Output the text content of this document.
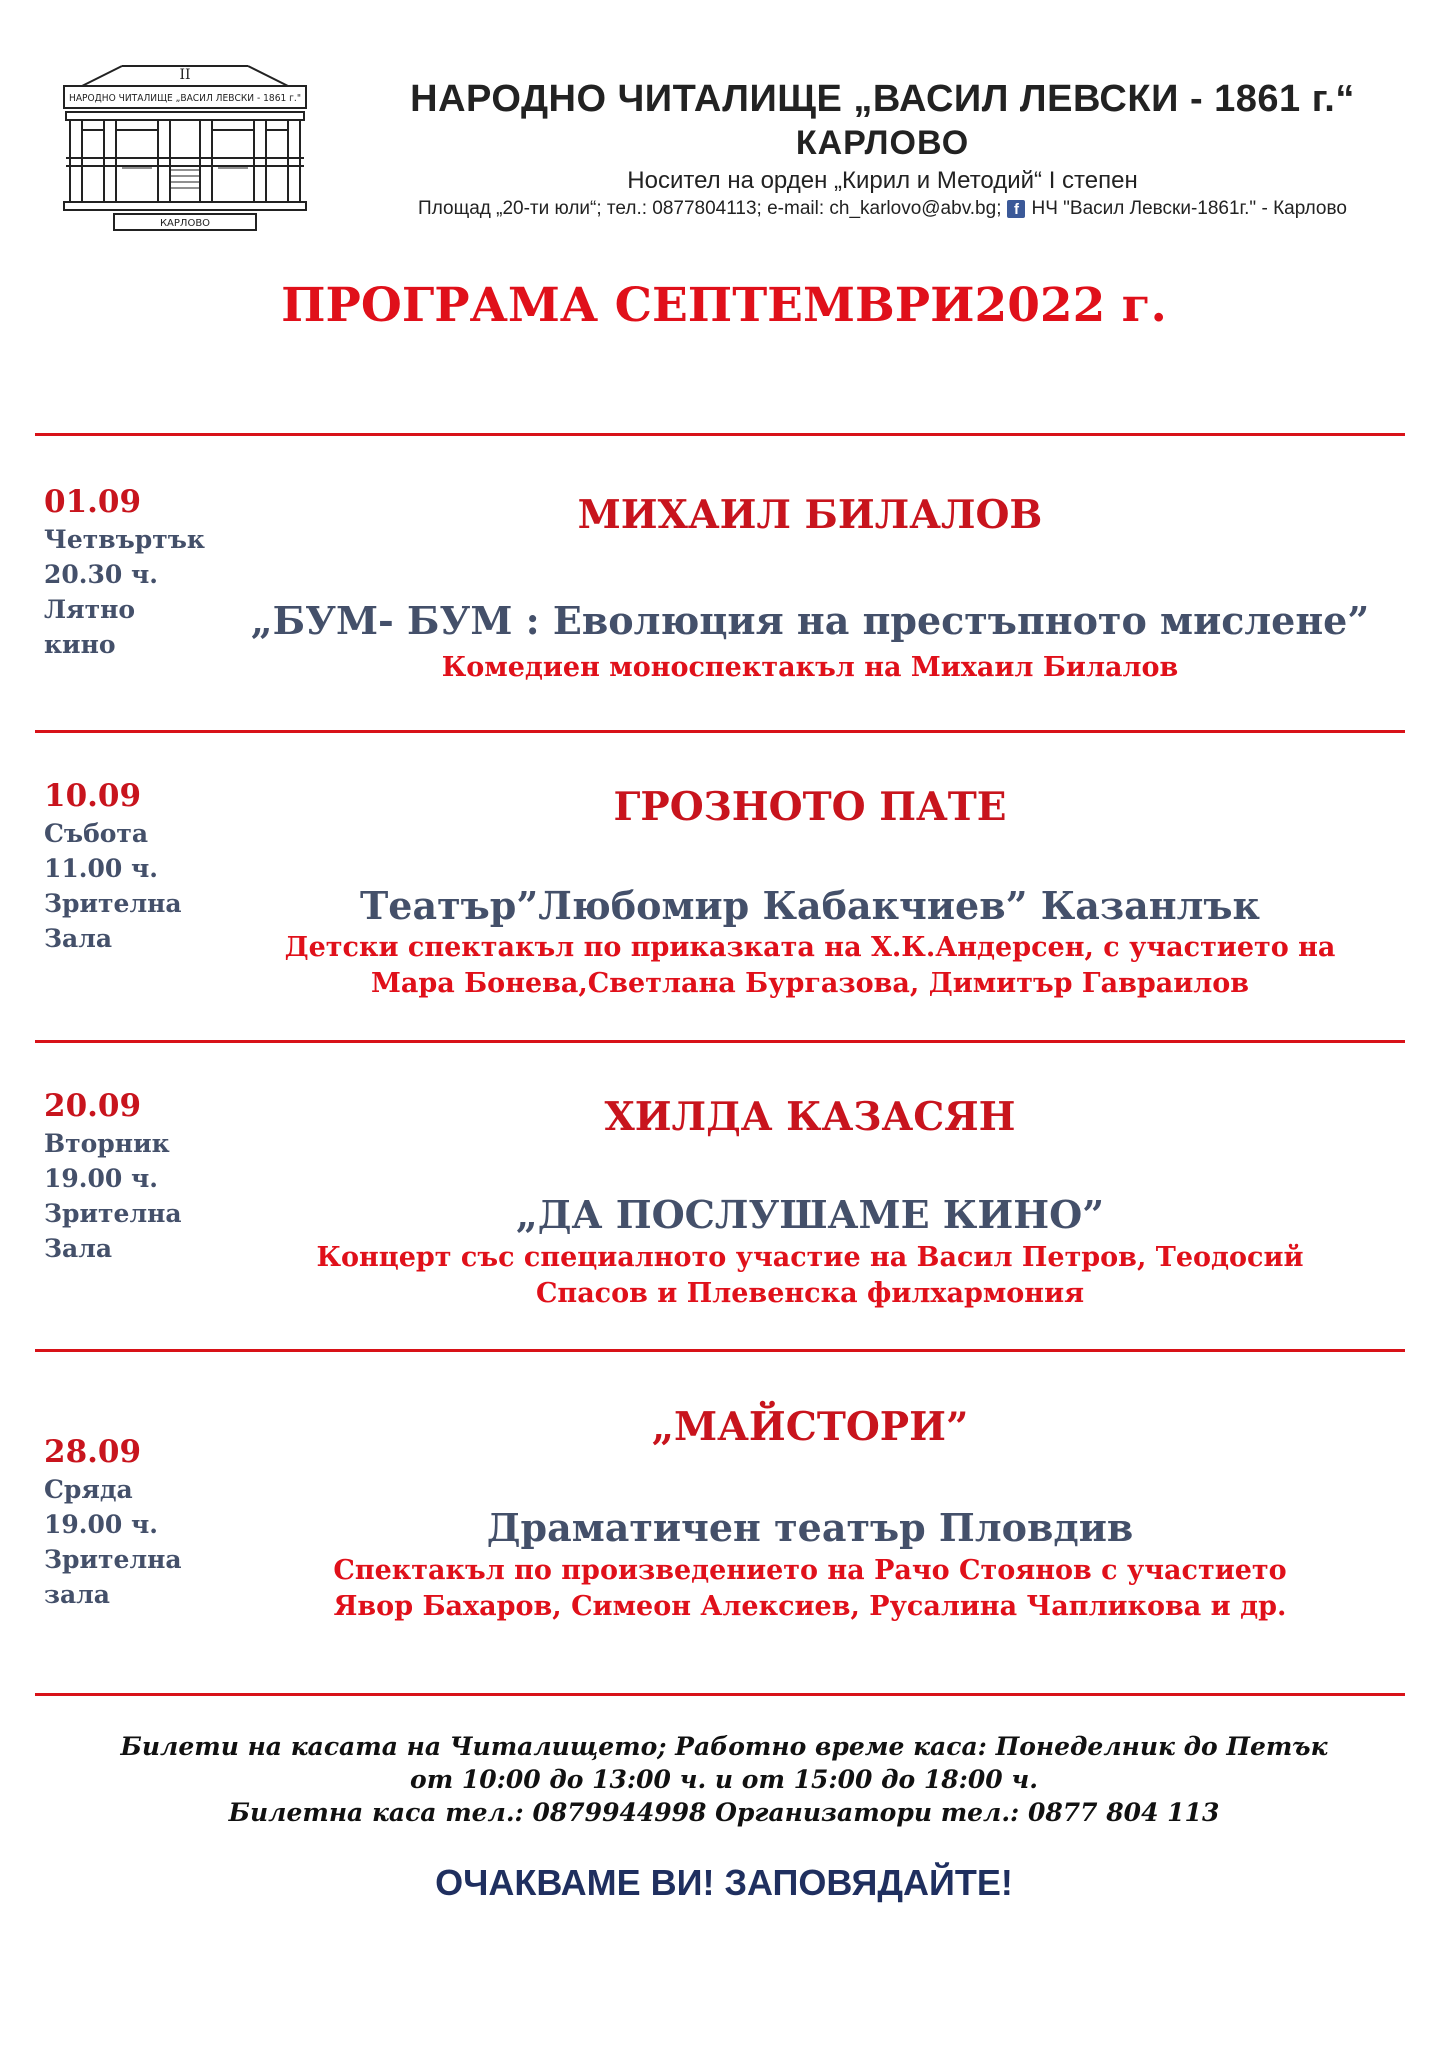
II
НАРОДНО ЧИТАЛИЩЕ „ВАСИЛ ЛЕВСКИ - 1861 г."
КАРЛОВО
НАРОДНО ЧИТАЛИЩЕ „ВАСИЛ ЛЕВСКИ - 1861 г.“
КАРЛОВО
Носител на орден „Кирил и Методий“ І степен
Площад „20-ти юли“; тел.: 0877804113; e-mail: ch_karlovo@abv.bg; f НЧ "Васил Левски-1861г." - Карлово
ПРОГРАМА СЕПТЕМВРИ2022 г.
01.09
Четвъртък
20.30 ч.
Лятно
кино
МИХАИЛ БИЛАЛОВ
„БУМ- БУМ : Еволюция на престъпното мислене”
Комедиен моноспектакъл на Михаил Билалов
10.09
Събота
11.00 ч.
Зрителна
Зала
ГРОЗНОТО ПАТЕ
Театър”Любомир Кабакчиев” Казанлък
Детски спектакъл по приказката на Х.К.Андерсен, с участието на
Мара Бонева,Светлана Бургазова, Димитър Гавраилов
20.09
Вторник
19.00 ч.
Зрителна
Зала
ХИЛДА КАЗАСЯН
„ДА ПОСЛУШАМЕ КИНО”
Концерт със специалното участие на Васил Петров, Теодосий
Спасов и Плевенска филхармония
28.09
Сряда
19.00 ч.
Зрителна
зала
„МАЙСТОРИ”
Драматичен театър Пловдив
Спектакъл по произведението на Рачо Стоянов с участието
Явор Бахаров, Симеон Алексиев, Русалина Чапликова и др.
Билети на касата на Читалището; Работно време каса: Понеделник до Петък
от 10:00 до 13:00 ч. и от 15:00 до 18:00 ч.
Билетна каса тел.: 0879944998 Организатори тел.: 0877 804 113
ОЧАКВАМЕ ВИ! ЗАПОВЯДАЙТЕ!
